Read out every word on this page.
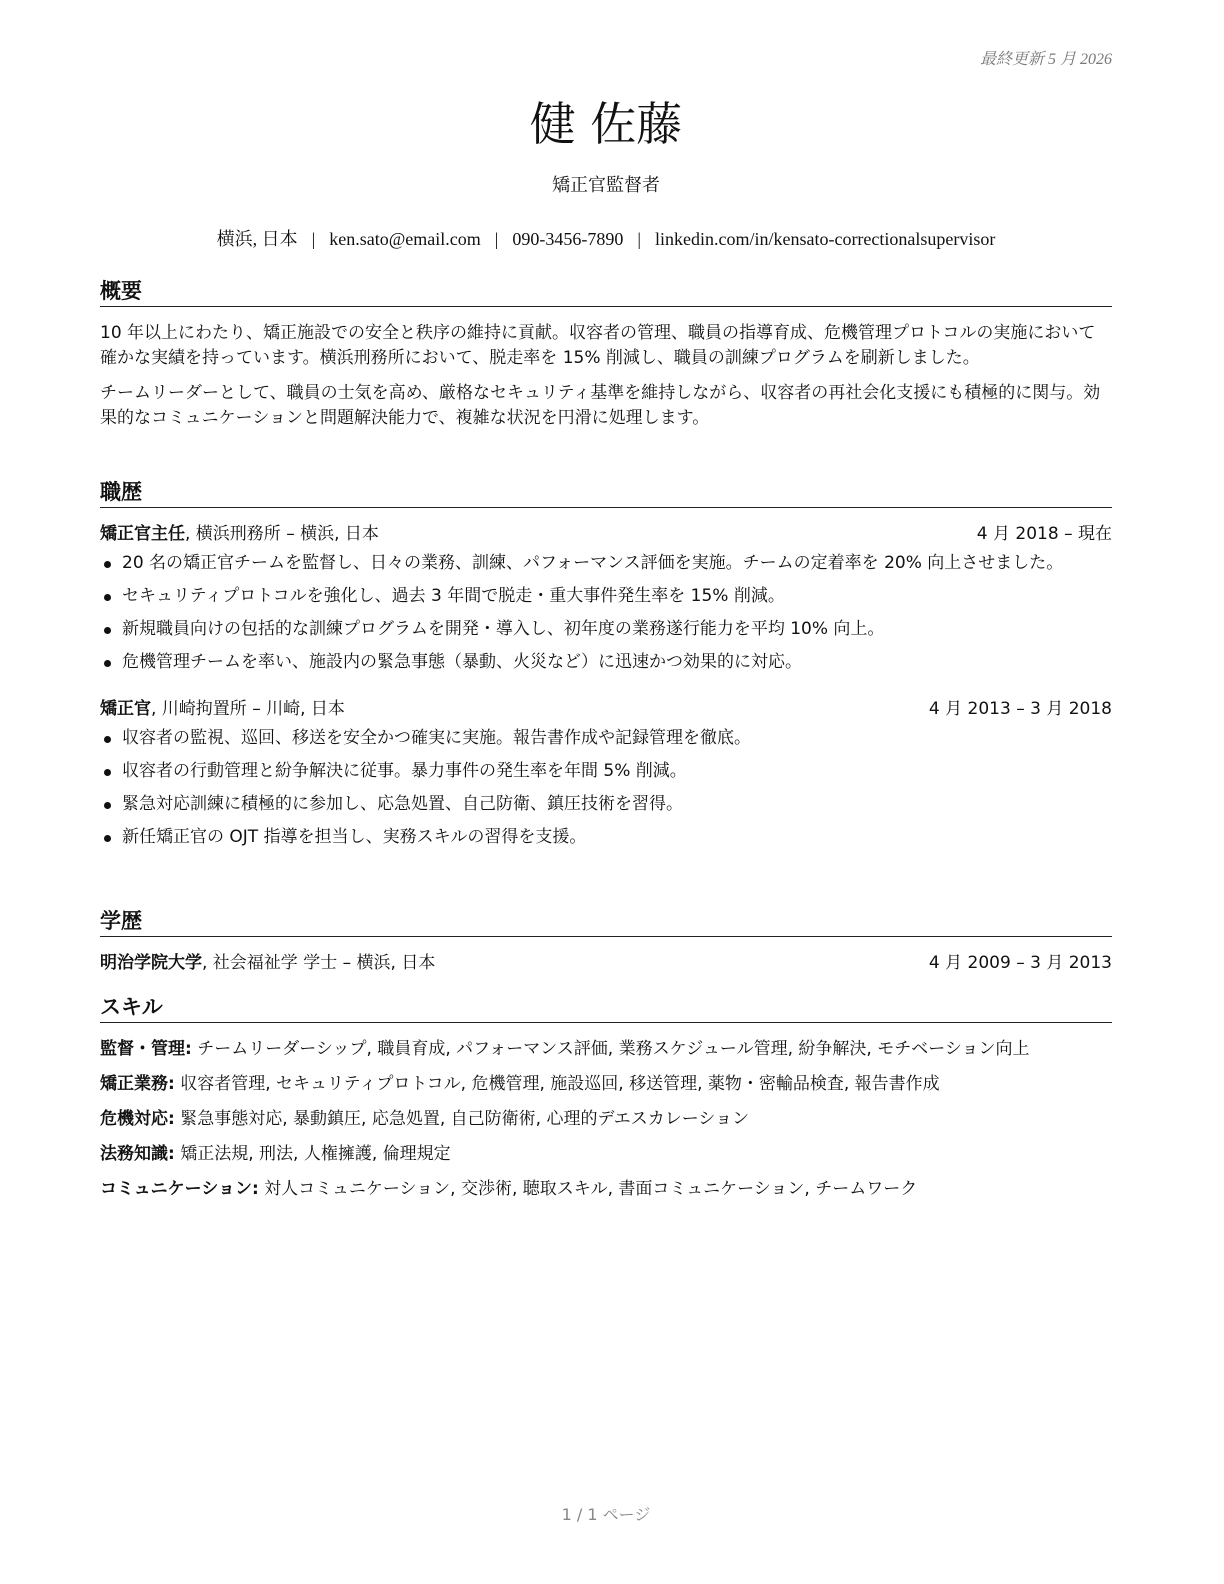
最終更新 5 月 2026
健 佐藤
矯正官監督者
横浜, 日本 | ken.sato@email.com | 090-3456-7890 | linkedin.com/in/kensato-correctionalsupervisor
概要

10 年以上にわたり、矯正施設での安全と秩序の維持に貢献。収容者の管理、職員の指導育成、危機管理プロトコルの実施において確かな実績を持っています。横浜刑務所において、脱走率を 15% 削減し、職員の訓練プログラムを刷新しました。

チームリーダーとして、職員の士気を高め、厳格なセキュリティ基準を維持しながら、収容者の再社会化支援にも積極的に関与。効果的なコミュニケーションと問題解決能力で、複雑な状況を円滑に処理します。

職歴
矯正官主任, 横浜刑務所 – 横浜, 日本	4 月 2018 – 現在
20 名の矯正官チームを監督し、日々の業務、訓練、パフォーマンス評価を実施。チームの定着率を 20% 向上させました。
セキュリティプロトコルを強化し、過去 3 年間で脱走・重大事件発生率を 15% 削減。
新規職員向けの包括的な訓練プログラムを開発・導入し、初年度の業務遂行能力を平均 10% 向上。
危機管理チームを率い、施設内の緊急事態（暴動、火災など）に迅速かつ効果的に対応。
矯正官, 川崎拘置所 – 川崎, 日本	4 月 2013 – 3 月 2018
収容者の監視、巡回、移送を安全かつ確実に実施。報告書作成や記録管理を徹底。
収容者の行動管理と紛争解決に従事。暴力事件の発生率を年間 5% 削減。
緊急対応訓練に積極的に参加し、応急処置、自己防衛、鎮圧技術を習得。
新任矯正官の OJT 指導を担当し、実務スキルの習得を支援。
学歴
明治学院大学, 社会福祉学 学士 – 横浜, 日本	4 月 2009 – 3 月 2013
スキル
監督・管理: チームリーダーシップ, 職員育成, パフォーマンス評価, 業務スケジュール管理, 紛争解決, モチベーション向上
矯正業務: 収容者管理, セキュリティプロトコル, 危機管理, 施設巡回, 移送管理, 薬物・密輸品検査, 報告書作成
危機対応: 緊急事態対応, 暴動鎮圧, 応急処置, 自己防衛術, 心理的デエスカレーション
法務知識: 矯正法規, 刑法, 人権擁護, 倫理規定
コミュニケーション: 対人コミュニケーション, 交渉術, 聴取スキル, 書面コミュニケーション, チームワーク
1 / 1 ページ
